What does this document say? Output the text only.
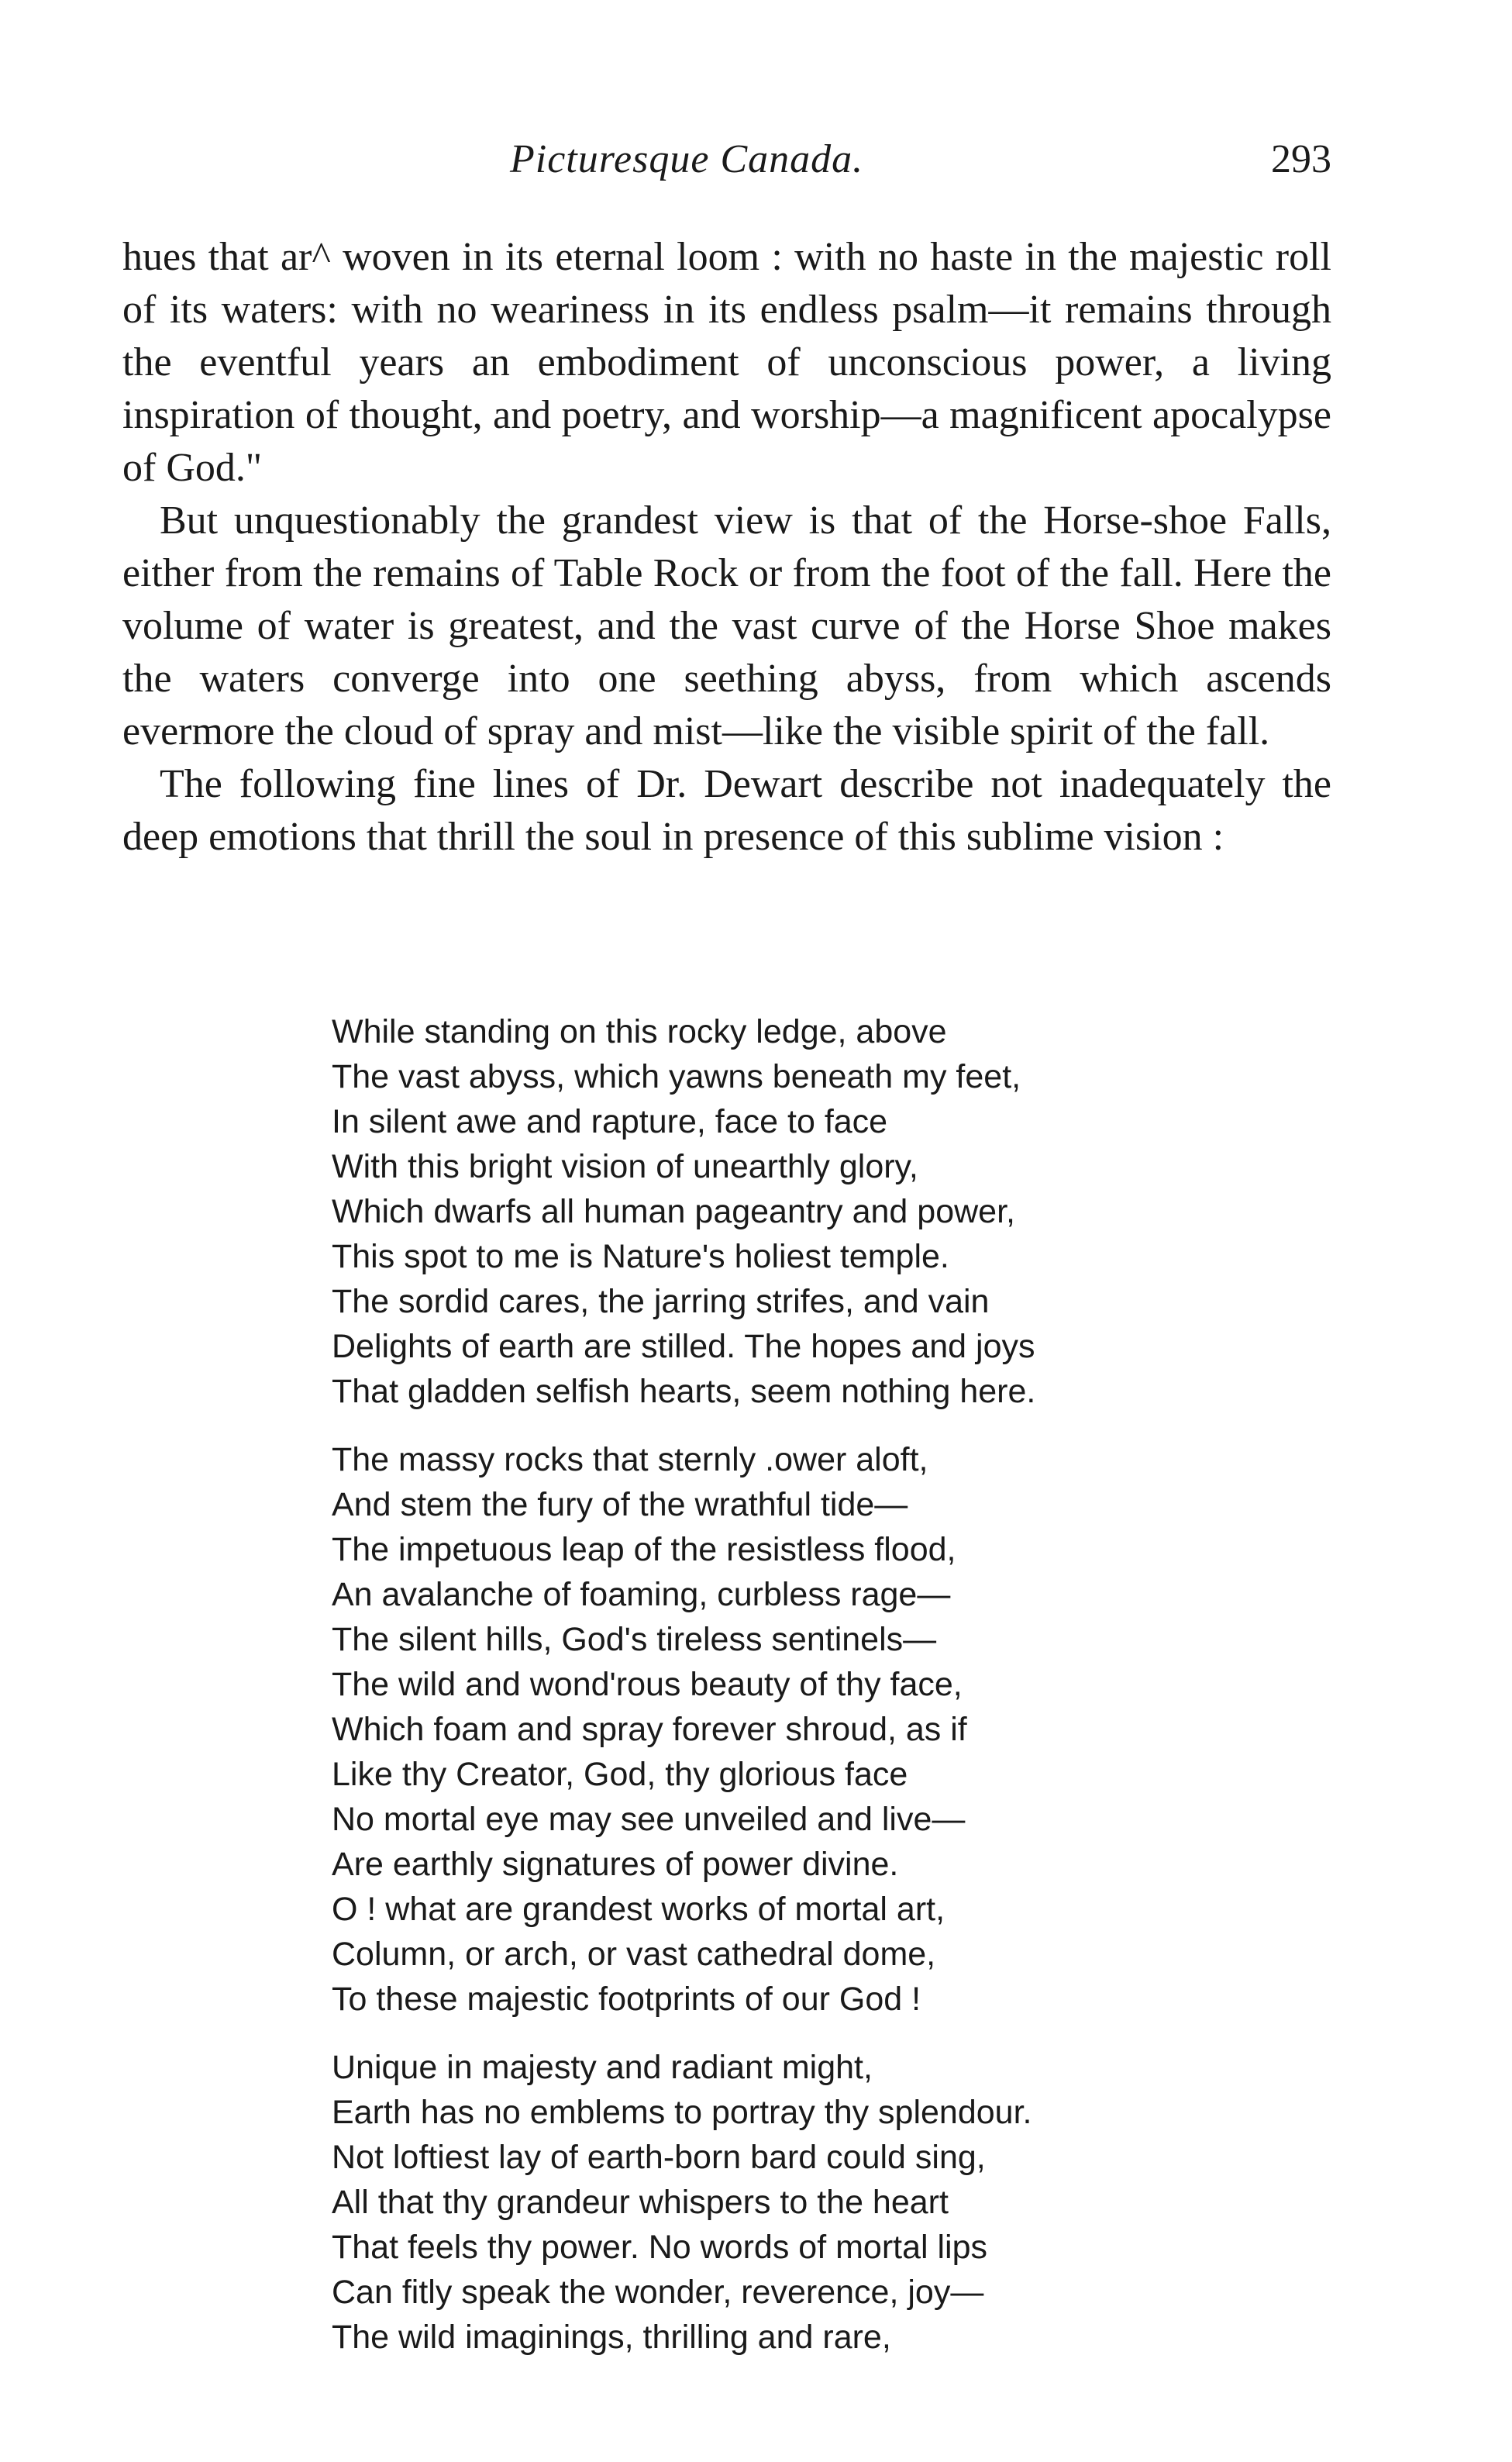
Picturesque Canada.	293

hues that ar^ woven in its eternal loom : with no haste in the majestic roll of its waters: with no weariness in its endless psalm—it remains through the eventful years an embodiment of unconscious power, a living inspiration of thought, and poetry, and worship—a magnificent apocalypse of God."

But unquestionably the grandest view is that of the Horse-shoe Falls, either from the remains of Table Rock or from the foot of the fall. Here the volume of water is greatest, and the vast curve of the Horse Shoe makes the waters converge into one seething abyss, from which ascends evermore the cloud of spray and mist—like the visible spirit of the fall.

The following fine lines of Dr. Dewart describe not inadequately the deep emotions that thrill the soul in presence of this sublime vision :

While standing on this rocky ledge, above
The vast abyss, which yawns beneath my feet,
In silent awe and rapture, face to face
With this bright vision of unearthly glory,
Which dwarfs all human pageantry and power,
This spot to me is Nature's holiest temple.
The sordid cares, the jarring strifes, and vain
Delights of earth are stilled. The hopes and joys
That gladden selfish hearts, seem nothing here.
The massy rocks that sternly .ower aloft,
And stem the fury of the wrathful tide—
The impetuous leap of the resistless flood,
An avalanche of foaming, curbless rage—
The silent hills, God's tireless sentinels—
The wild and wond'rous beauty of thy face,
Which foam and spray forever shroud, as if
Like thy Creator, God, thy glorious face
No mortal eye may see unveiled and live—
Are earthly signatures of power divine.
O ! what are grandest works of mortal art,
Column, or arch, or vast cathedral dome,
To these majestic footprints of our God !
Unique in majesty and radiant might,
Earth has no emblems to portray thy splendour.
Not loftiest lay of earth-born bard could sing,
All that thy grandeur whispers to the heart
That feels thy power. No words of mortal lips
Can fitly speak the wonder, reverence, joy—
The wild imaginings, thrilling and rare,
